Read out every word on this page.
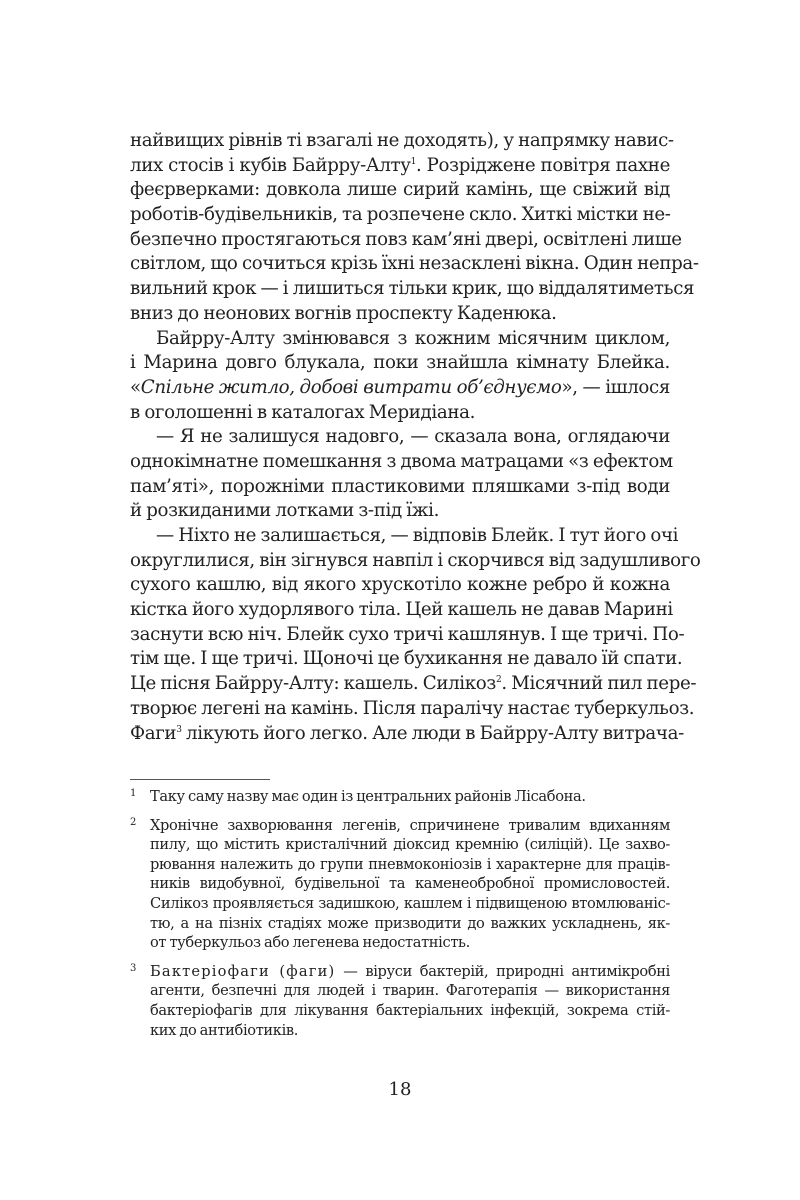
найвищих рівнів ті взагалі не доходять), у напрямку навис-
лих стосів і кубів Байрру-Алту$^1$. Розріджене повітря пахне
феєрверками: довкола лише сирий камінь, ще свіжий від
роботів-будівельників, та розпечене скло. Хиткі містки не-
безпечно простягаються повз кам’яні двері, освітлені лише
світлом, що сочиться крізь їхні незасклені вікна. Один непра-
вильний крок — і лишиться тільки крик, що віддалятиметься
вниз до неонових вогнів проспекту Каденюка.
Байрру-Алту змінювався з кожним місячним циклом,
і Марина довго блукала, поки знайшла кімнату Блейка.
«Спільне житло, добові витрати об’єднуємо», — ішлося
в оголошенні в каталогах Меридіана.
— Я не залишуся надовго, — сказала вона, оглядаючи
однокімнатне помешкання з двома матрацами «з ефектом
пам’яті», порожніми пластиковими пляшками з-під води
й розкиданими лотками з-під їжі.
— Ніхто не залишається, — відповів Блейк. І тут його очі
округлилися, він зігнувся навпіл і скорчився від задушливого
сухого кашлю, від якого хрускотіло кожне ребро й кожна
кістка його худорлявого тіла. Цей кашель не давав Марині
заснути всю ніч. Блейк сухо тричі кашлянув. І ще тричі. По-
тім ще. І ще тричі. Щоночі це бухикання не давало їй спати.
Це пісня Байрру-Алту: кашель. Силікоз$^2$. Місячний пил пере-
творює легені на камінь. Після паралічу настає туберкульоз.
Фаги$^3$ лікують його легко. Але люди в Байрру-Алту витрача-
1 Таку саму назву має один із центральних районів Лісабона.
2 Хронічне захворювання легенів, спричинене тривалим вдиханням
пилу, що містить кристалічний діоксид кремнію (силіцій). Це захво-
рювання належить до групи пневмоконіозів і характерне для праців-
ників видобувної, будівельної та каменеобробної промисловостей.
Силікоз проявляється задишкою, кашлем і підвищеною втомлюваніс-
тю, а на пізніх стадіях може призводити до важких ускладнень, як-
от туберкульоз або легенева недостатність.
3 Бактеріофаги (фаги) — віруси бактерій, природні антимікробні
агенти, безпечні для людей і тварин. Фаготерапія — використання
бактеріофагів для лікування бактеріальних інфекцій, зокрема стій-
ких до антибіотиків.
18
